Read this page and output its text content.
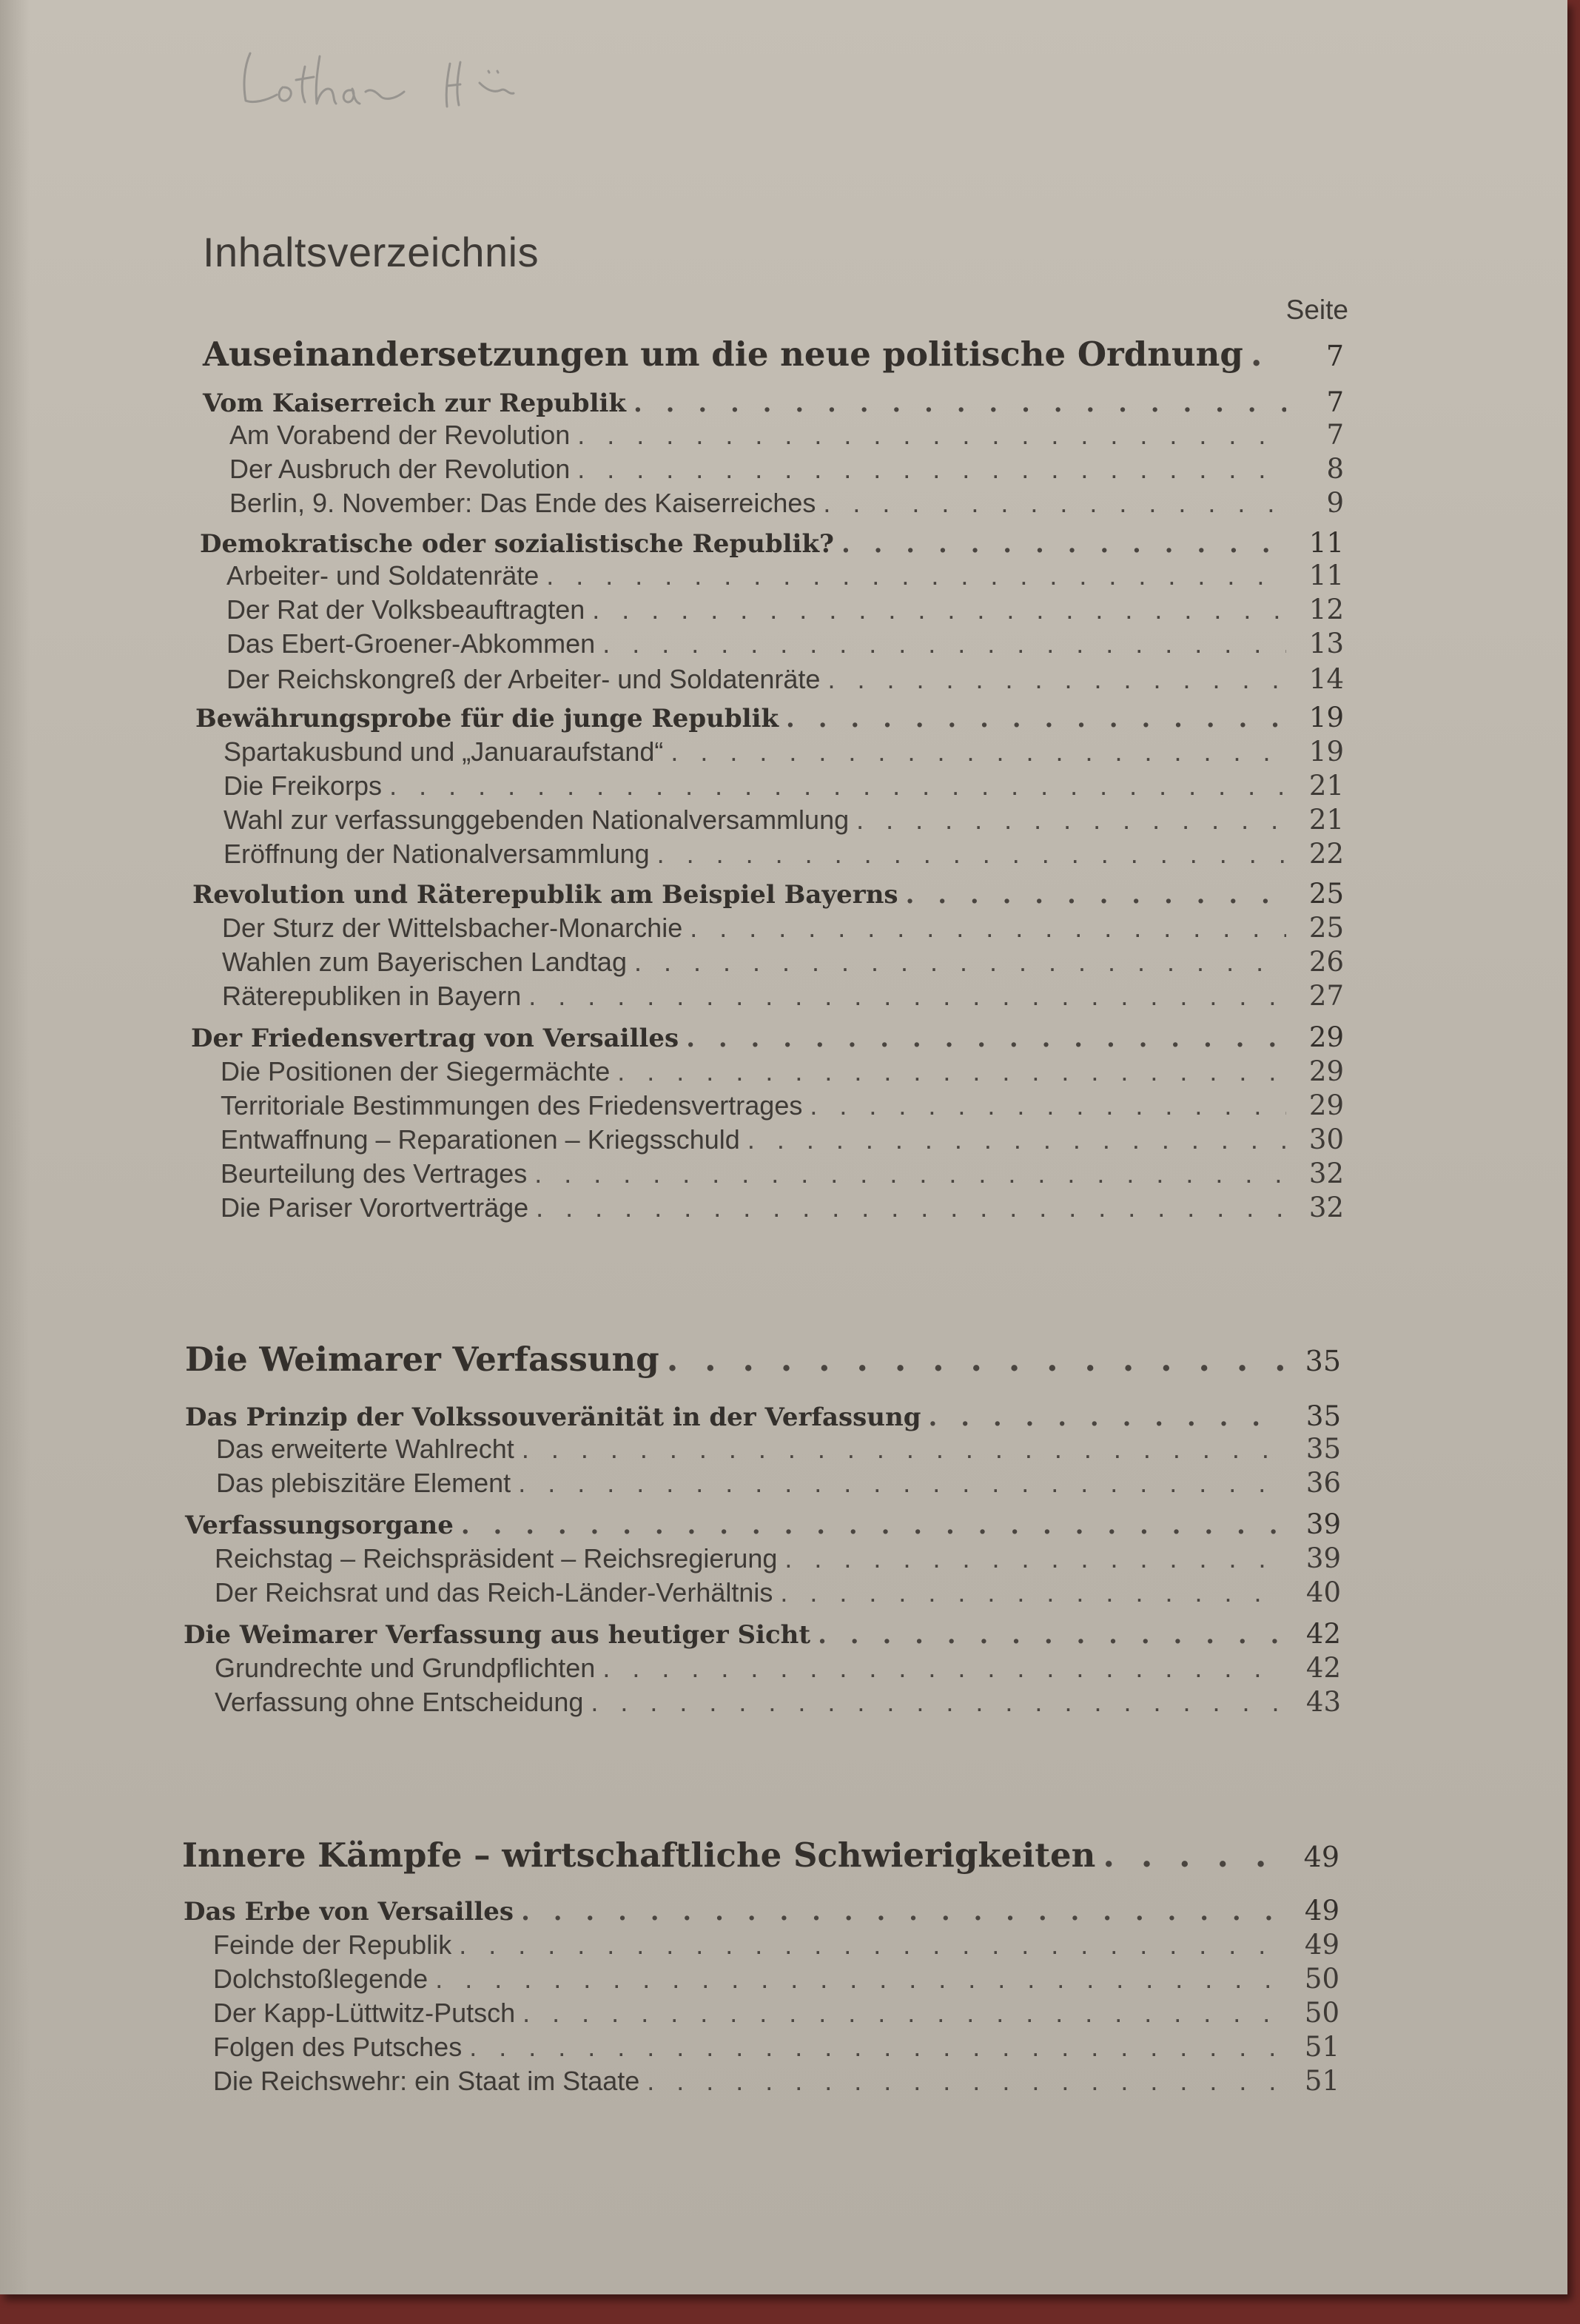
Inhaltsverzeichnis
Seite
Auseinandersetzungen um die neue politische Ordnung . . .	7
Vom Kaiserreich zur Republik . . .	7
Am Vorabend der Revolution . . .	7
Der Ausbruch der Revolution . . .	8
Berlin, 9. November: Das Ende des Kaiserreiches . . .	9
Demokratische oder sozialistische Republik? . . .	11
Arbeiter- und Soldatenräte . . .	11
Der Rat der Volksbeauftragten . . .	12
Das Ebert-Groener-Abkommen . . .	13
Der Reichskongreß der Arbeiter- und Soldatenräte . . .	14
Bewährungsprobe für die junge Republik . . .	19
Spartakusbund und „Januaraufstand“ . . .	19
Die Freikorps . . .	21
Wahl zur verfassunggebenden Nationalversammlung . . .	21
Eröffnung der Nationalversammlung . . .	22
Revolution und Räterepublik am Beispiel Bayerns . . .	25
Der Sturz der Wittelsbacher-Monarchie . . .	25
Wahlen zum Bayerischen Landtag . . .	26
Räterepubliken in Bayern . . .	27
Der Friedensvertrag von Versailles . . .	29
Die Positionen der Siegermächte . . .	29
Territoriale Bestimmungen des Friedensvertrages . . .	29
Entwaffnung – Reparationen – Kriegsschuld . . .	30
Beurteilung des Vertrages . . .	32
Die Pariser Vorortverträge . . .	32
Die Weimarer Verfassung . . .	35
Das Prinzip der Volkssouveränität in der Verfassung . . .	35
Das erweiterte Wahlrecht . . .	35
Das plebiszitäre Element . . .	36
Verfassungsorgane . . .	39
Reichstag – Reichspräsident – Reichsregierung . . .	39
Der Reichsrat und das Reich-Länder-Verhältnis . . .	40
Die Weimarer Verfassung aus heutiger Sicht . . .	42
Grundrechte und Grundpflichten . . .	42
Verfassung ohne Entscheidung . . .	43
Innere Kämpfe – wirtschaftliche Schwierigkeiten . . .	49
Das Erbe von Versailles . . .	49
Feinde der Republik . . .	49
Dolchstoßlegende . . .	50
Der Kapp-Lüttwitz-Putsch . . .	50
Folgen des Putsches . . .	51
Die Reichswehr: ein Staat im Staate . . .	51
